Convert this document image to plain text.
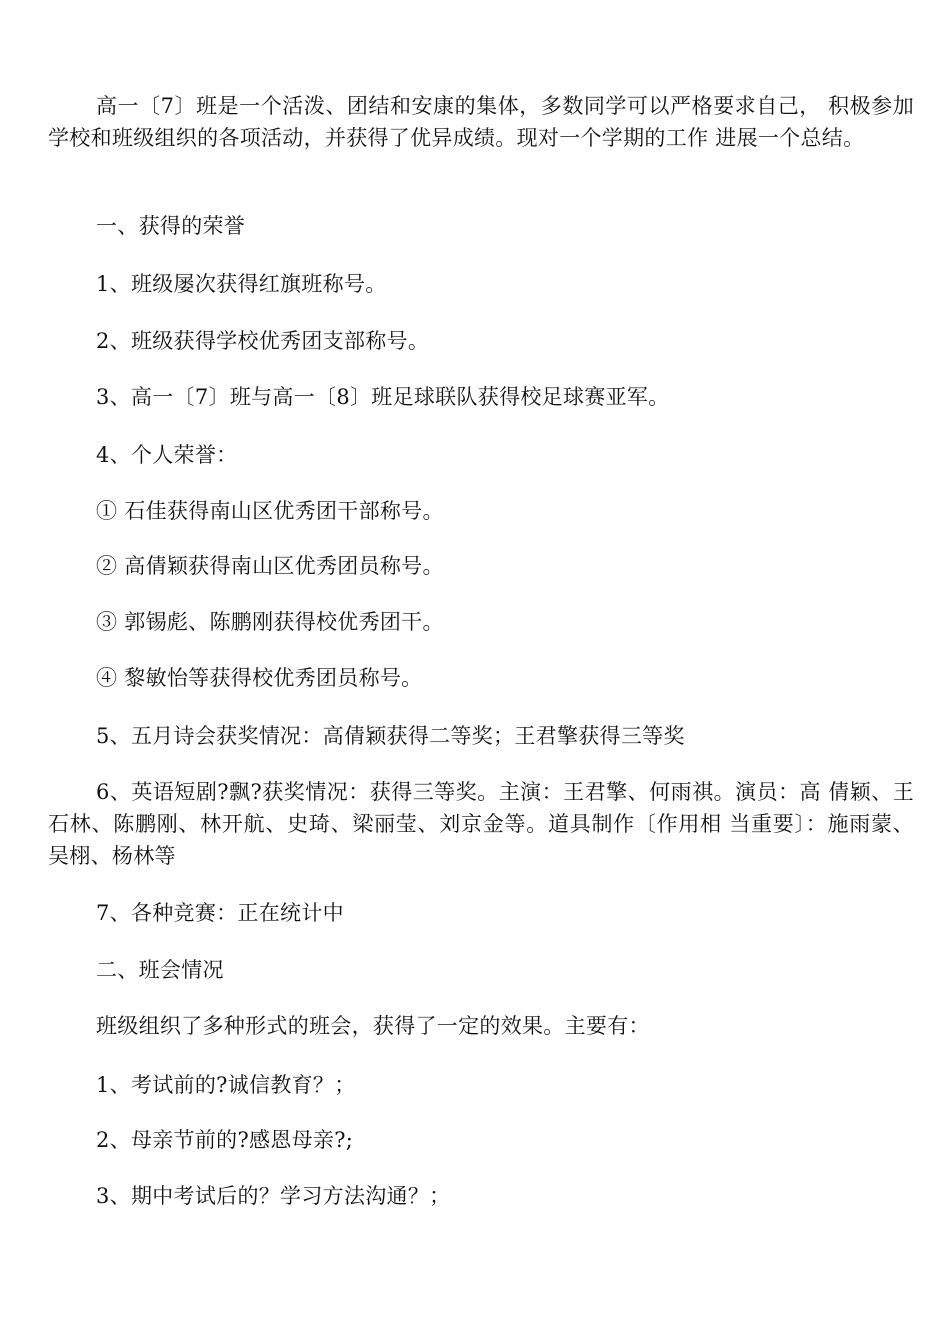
高一〔7〕班是一个活泼、团结和安康的集体，多数同学可以严格要求自己， 积极参加学校和班级组织的各项活动，并获得了优异成绩。现对一个学期的工作 进展一个总结。

一、获得的荣誉

1、班级屡次获得红旗班称号。

2、班级获得学校优秀团支部称号。

3、高一〔7〕班与高一〔8〕班足球联队获得校足球赛亚军。

4、个人荣誉：

① 石佳获得南山区优秀团干部称号。

② 高倩颖获得南山区优秀团员称号。

③ 郭锡彪、陈鹏刚获得校优秀团干。

④ 黎敏怡等获得校优秀团员称号。

5、五月诗会获奖情况：高倩颖获得二等奖；王君擎获得三等奖

6、英语短剧?飘?获奖情况：获得三等奖。主演：王君擎、何雨祺。演员：高 倩颖、王石林、陈鹏刚、林开航、史琦、梁丽莹、刘京金等。道具制作〔作用相 当重要〕：施雨蒙、吴栩、杨林等

7、各种竞赛：正在统计中

二、班会情况

班级组织了多种形式的班会，获得了一定的效果。主要有：

1、考试前的?诚信教育？；

2、母亲节前的?感恩母亲?;

3、期中考试后的？学习方法沟通？；
